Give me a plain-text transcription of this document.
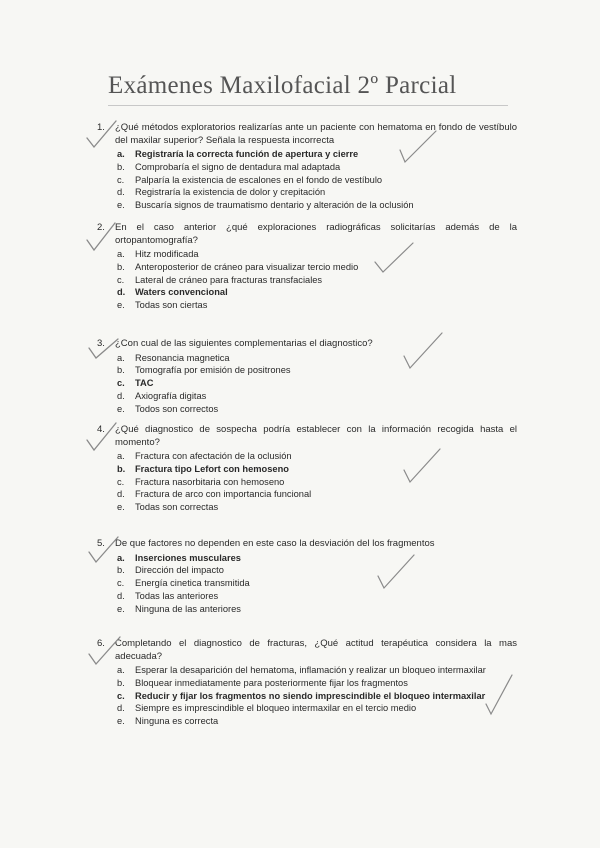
Exámenes Maxilofacial 2º Parcial
1.	¿Qué métodos exploratorios realizarías ante un paciente con hematoma en fondo de vestíbulo del maxilar superior? Señala la respuesta incorrecta
a.	Registraría la correcta función de apertura y cierre
b.	Comprobaría el signo de dentadura mal adaptada
c.	Palparía la existencia de escalones en el fondo de vestíbulo
d.	Registraría la existencia de dolor y crepitación
e.	Buscaría signos de traumatismo dentario y alteración de la oclusión
2.	En el caso anterior ¿qué exploraciones radiográficas solicitarías además de la ortopantomografía?
a.	Hitz modificada
b.	Anteroposterior de cráneo para visualizar tercio medio
c.	Lateral de cráneo para fracturas transfaciales
d.	Waters convencional
e.	Todas son ciertas
3.	¿Con cual de las siguientes complementarias el diagnostico?
a.	Resonancia magnetica
b.	Tomografía por emisión de positrones
c.	TAC
d.	Axiografía digitas
e.	Todos son correctos
4.	¿Qué diagnostico de sospecha podría establecer con la información recogida hasta el momento?
a.	Fractura con afectación de la oclusión
b.	Fractura tipo Lefort con hemoseno
c.	Fractura nasorbitaria con hemoseno
d.	Fractura de arco con importancia funcional
e.	Todas son correctas
5.	De que factores no dependen en este caso la desviación del los fragmentos
a.	Inserciones musculares
b.	Dirección del impacto
c.	Energía cinetica transmitida
d.	Todas las anteriores
e.	Ninguna de las anteriores
6.	Completando el diagnostico de fracturas, ¿Qué actitud terapéutica considera la mas adecuada?
a.	Esperar la desaparición del hematoma, inflamación y realizar un bloqueo intermaxilar
b.	Bloquear inmediatamente para posteriormente fijar los fragmentos
c.	Reducir y fijar los fragmentos no siendo imprescindible el bloqueo intermaxilar
d.	Siempre es imprescindible el bloqueo intermaxilar en el tercio medio
e.	Ninguna es correcta
